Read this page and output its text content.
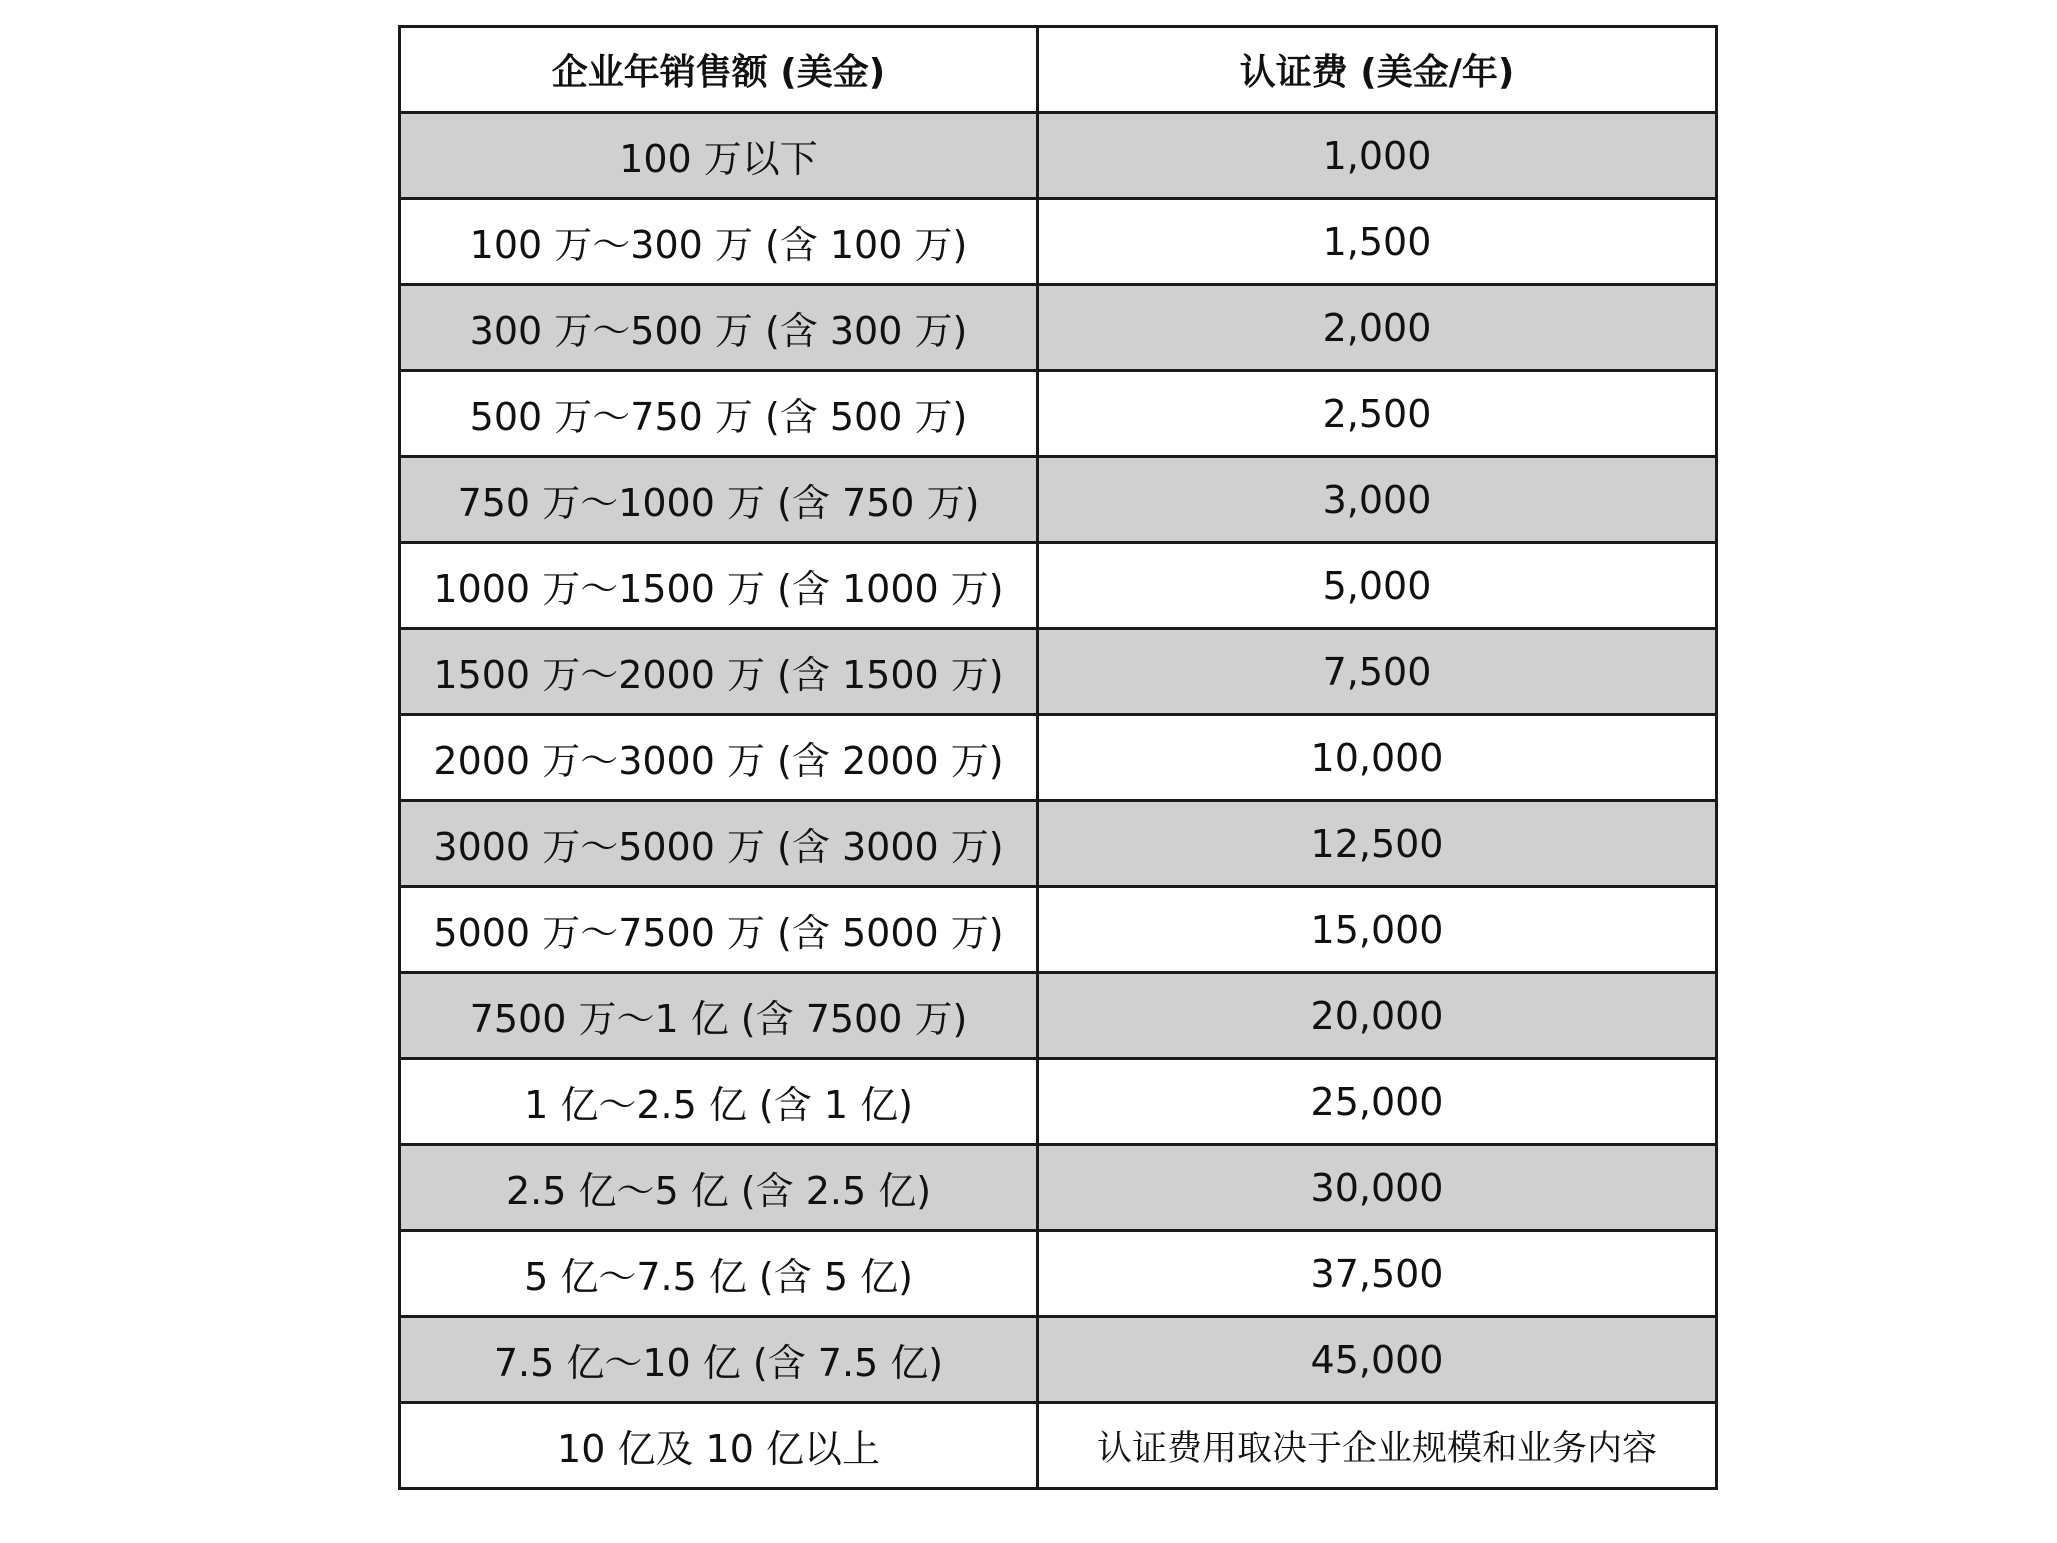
企业年销售额 (美金)	认证费 (美金/年)
100 万以下	1,000
100 万～300 万 (含 100 万)	1,500
300 万～500 万 (含 300 万)	2,000
500 万～750 万 (含 500 万)	2,500
750 万～1000 万 (含 750 万)	3,000
1000 万～1500 万 (含 1000 万)	5,000
1500 万～2000 万 (含 1500 万)	7,500
2000 万～3000 万 (含 2000 万)	10,000
3000 万～5000 万 (含 3000 万)	12,500
5000 万～7500 万 (含 5000 万)	15,000
7500 万～1 亿 (含 7500 万)	20,000
1 亿～2.5 亿 (含 1 亿)	25,000
2.5 亿～5 亿 (含 2.5 亿)	30,000
5 亿～7.5 亿 (含 5 亿)	37,500
7.5 亿～10 亿 (含 7.5 亿)	45,000
10 亿及 10 亿以上	认证费用取决于企业规模和业务内容
